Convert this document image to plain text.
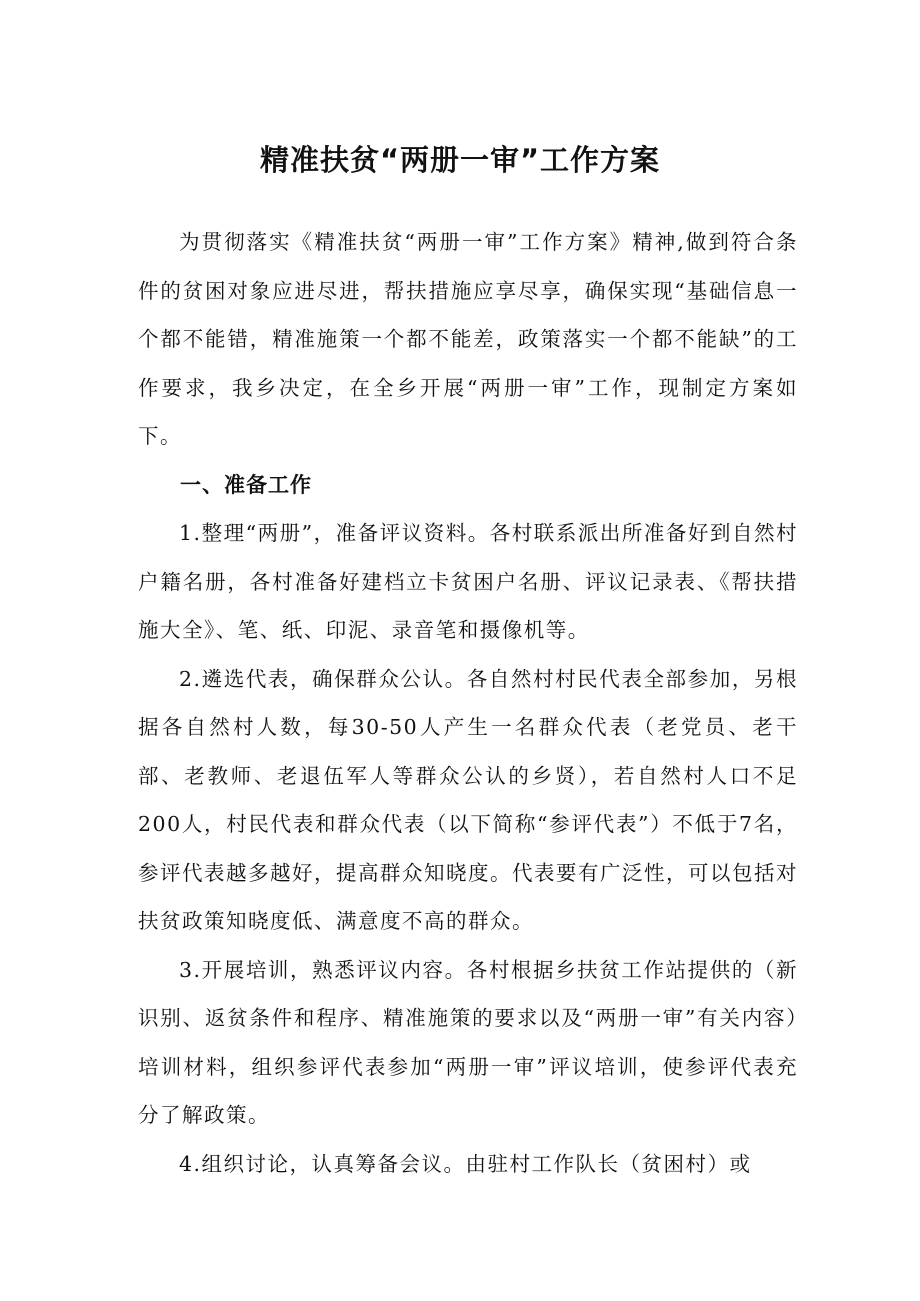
精准扶贫“两册一审”工作方案

为贯彻落实《精准扶贫“两册一审”工作方案》精神,做到符合条件的贫困对象应进尽进，帮扶措施应享尽享，确保实现“基础信息一个都不能错，精准施策一个都不能差，政策落实一个都不能缺”的工作要求，我乡决定，在全乡开展“两册一审”工作，现制定方案如下。

一、准备工作

1.整理“两册”，准备评议资料。各村联系派出所准备好到自然村户籍名册，各村准备好建档立卡贫困户名册、评议记录表、《帮扶措施大全》、笔、纸、印泥、录音笔和摄像机等。

2.遴选代表，确保群众公认。各自然村村民代表全部参加，另根据各自然村人数，每30-50人产生一名群众代表（老党员、老干部、老教师、老退伍军人等群众公认的乡贤），若自然村人口不足200人，村民代表和群众代表（以下简称“参评代表”）不低于7名，参评代表越多越好，提高群众知晓度。代表要有广泛性，可以包括对扶贫政策知晓度低、满意度不高的群众。

3.开展培训，熟悉评议内容。各村根据乡扶贫工作站提供的（新识别、返贫条件和程序、精准施策的要求以及“两册一审”有关内容）培训材料，组织参评代表参加“两册一审”评议培训，使参评代表充分了解政策。

4.组织讨论，认真筹备会议。由驻村工作队长（贫困村）或
